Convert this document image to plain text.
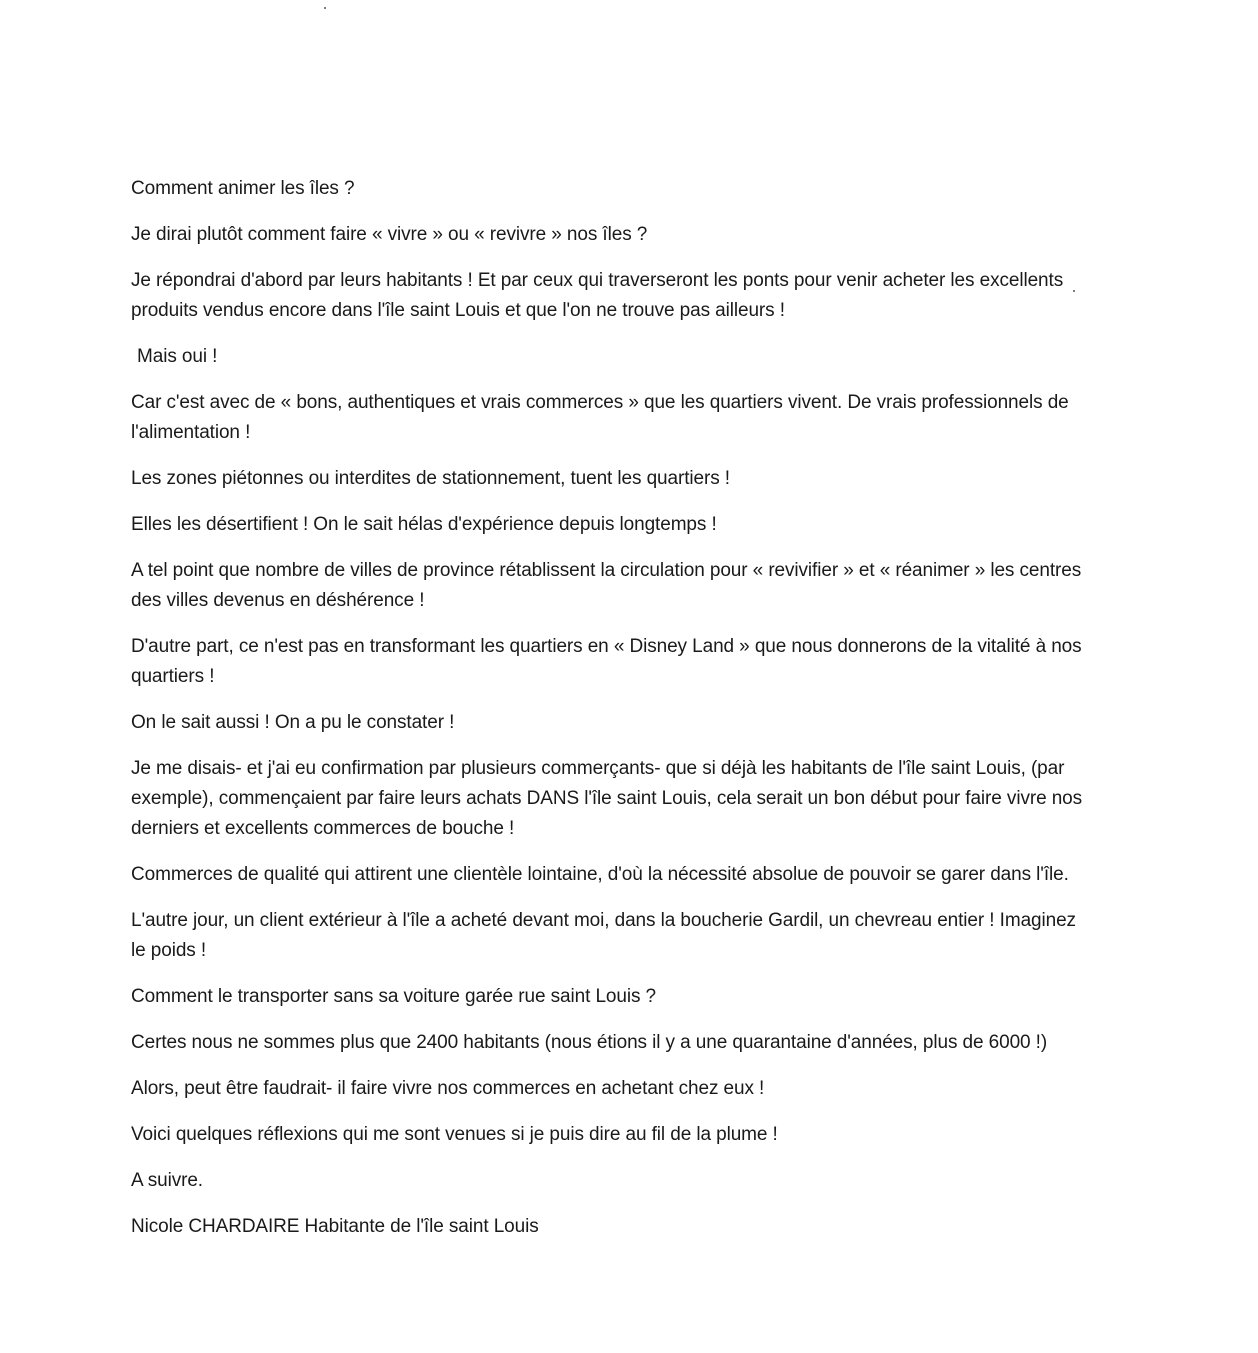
Comment animer les îles ?

Je dirai plutôt comment faire « vivre » ou « revivre » nos îles ?

Je répondrai d'abord par leurs habitants ! Et par ceux qui traverseront les ponts pour venir acheter les excellents produits vendus encore dans l'île saint Louis et que l'on ne trouve pas ailleurs !

Mais oui !

Car c'est avec de « bons, authentiques et vrais commerces » que les quartiers vivent. De vrais professionnels de l'alimentation !

Les zones piétonnes ou interdites de stationnement, tuent les quartiers !

Elles les désertifient ! On le sait hélas d'expérience depuis longtemps !

A tel point que nombre de villes de province rétablissent la circulation pour « revivifier » et « réanimer » les centres des villes devenus en déshérence !

D'autre part, ce n'est pas en transformant les quartiers en « Disney Land » que nous donnerons de la vitalité à nos quartiers !

On le sait aussi ! On a pu le constater !

Je me disais- et j'ai eu confirmation par plusieurs commerçants- que si déjà les habitants de l'île saint Louis, (par exemple), commençaient par faire leurs achats DANS l'île saint Louis, cela serait un bon début pour faire vivre nos derniers et excellents commerces de bouche !

Commerces de qualité qui attirent une clientèle lointaine, d'où la nécessité absolue de pouvoir se garer dans l'île.

L'autre jour, un client extérieur à l'île a acheté devant moi, dans la boucherie Gardil, un chevreau entier ! Imaginez le poids !

Comment le transporter sans sa voiture garée rue saint Louis ?

Certes nous ne sommes plus que 2400 habitants (nous étions il y a une quarantaine d'années, plus de 6000 !)

Alors, peut être faudrait- il faire vivre nos commerces en achetant chez eux !

Voici quelques réflexions qui me sont venues si je puis dire au fil de la plume !

A suivre.

Nicole CHARDAIRE Habitante de l'île saint Louis
